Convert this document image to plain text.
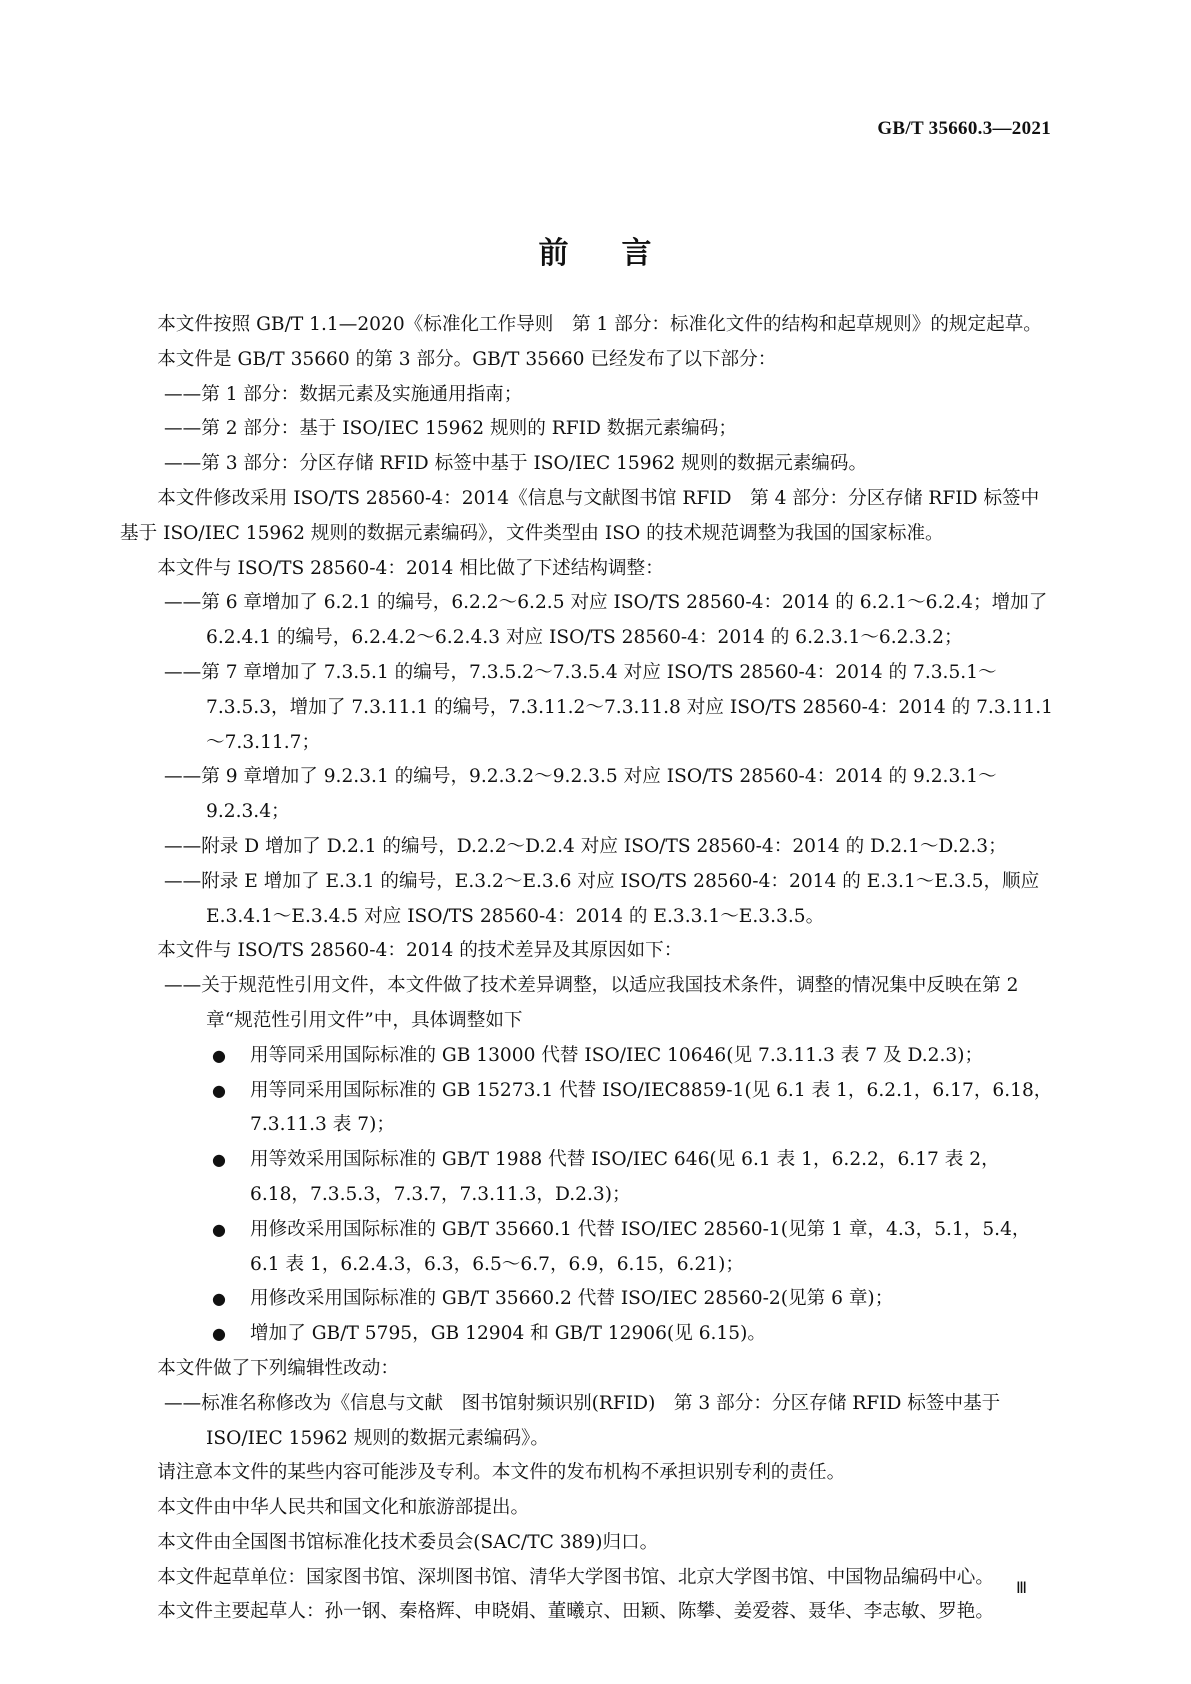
GB/T 35660.3—2021
前 言

本文件按照 GB/T 1.1—2020《标准化工作导则　第 1 部分：标准化文件的结构和起草规则》的规定起草。

本文件是 GB/T 35660 的第 3 部分。GB/T 35660 已经发布了以下部分：

——第 1 部分：数据元素及实施通用指南；

——第 2 部分：基于 ISO/IEC 15962 规则的 RFID 数据元素编码；

——第 3 部分：分区存储 RFID 标签中基于 ISO/IEC 15962 规则的数据元素编码。

本文件修改采用 ISO/TS 28560-4：2014《信息与文献图书馆 RFID　第 4 部分：分区存储 RFID 标签中基于 ISO/IEC 15962 规则的数据元素编码》，文件类型由 ISO 的技术规范调整为我国的国家标准。

本文件与 ISO/TS 28560-4：2014 相比做了下述结构调整：

——第 6 章增加了 6.2.1 的编号，6.2.2～6.2.5 对应 ISO/TS 28560-4：2014 的 6.2.1～6.2.4；增加了 6.2.4.1 的编号，6.2.4.2～6.2.4.3 对应 ISO/TS 28560-4：2014 的 6.2.3.1～6.2.3.2；

——第 7 章增加了 7.3.5.1 的编号，7.3.5.2～7.3.5.4 对应 ISO/TS 28560-4：2014 的 7.3.5.1～7.3.5.3，增加了 7.3.11.1 的编号，7.3.11.2～7.3.11.8 对应 ISO/TS 28560-4：2014 的 7.3.11.1～7.3.11.7；

——第 9 章增加了 9.2.3.1 的编号，9.2.3.2～9.2.3.5 对应 ISO/TS 28560-4：2014 的 9.2.3.1～9.2.3.4；

——附录 D 增加了 D.2.1 的编号，D.2.2～D.2.4 对应 ISO/TS 28560-4：2014 的 D.2.1～D.2.3；

——附录 E 增加了 E.3.1 的编号，E.3.2～E.3.6 对应 ISO/TS 28560-4：2014 的 E.3.1～E.3.5，顺应 E.3.4.1～E.3.4.5 对应 ISO/TS 28560-4：2014 的 E.3.3.1～E.3.3.5。

本文件与 ISO/TS 28560-4：2014 的技术差异及其原因如下：

——关于规范性引用文件，本文件做了技术差异调整，以适应我国技术条件，调整的情况集中反映在第 2 章“规范性引用文件”中，具体调整如下

● 用等同采用国际标准的 GB 13000 代替 ISO/IEC 10646(见 7.3.11.3 表 7 及 D.2.3)；

● 用等同采用国际标准的 GB 15273.1 代替 ISO/IEC8859-1(见 6.1 表 1，6.2.1，6.17，6.18，7.3.11.3 表 7)；

● 用等效采用国际标准的 GB/T 1988 代替 ISO/IEC 646(见 6.1 表 1，6.2.2，6.17 表 2，6.18，7.3.5.3，7.3.7，7.3.11.3，D.2.3)；

● 用修改采用国际标准的 GB/T 35660.1 代替 ISO/IEC 28560-1(见第 1 章，4.3，5.1，5.4，6.1 表 1，6.2.4.3，6.3，6.5～6.7，6.9，6.15，6.21)；

● 用修改采用国际标准的 GB/T 35660.2 代替 ISO/IEC 28560-2(见第 6 章)；

● 增加了 GB/T 5795，GB 12904 和 GB/T 12906(见 6.15)。

本文件做了下列编辑性改动：

——标准名称修改为《信息与文献　图书馆射频识别(RFID)　第 3 部分：分区存储 RFID 标签中基于 ISO/IEC 15962 规则的数据元素编码》。

请注意本文件的某些内容可能涉及专利。本文件的发布机构不承担识别专利的责任。

本文件由中华人民共和国文化和旅游部提出。

本文件由全国图书馆标准化技术委员会(SAC/TC 389)归口。

本文件起草单位：国家图书馆、深圳图书馆、清华大学图书馆、北京大学图书馆、中国物品编码中心。

本文件主要起草人：孙一钢、秦格辉、申晓娟、董曦京、田颖、陈攀、姜爱蓉、聂华、李志敏、罗艳。

Ⅲ
